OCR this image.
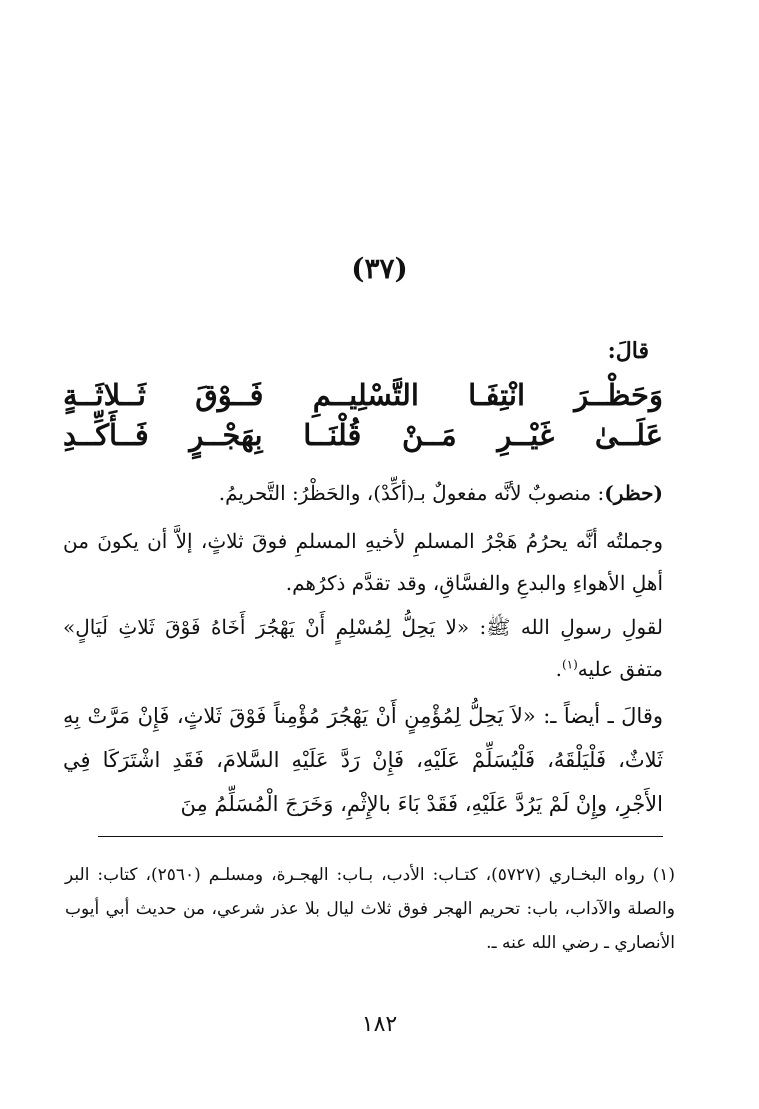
(٣٧)
قالَ:
وَحَظْــرَ انْتِفَـا التَّسْلِيــمِ فَــوْقَ ثَــلاثَــةٍ
عَلَــىٰ غَيْــرِ مَــنْ قُلْنَــا بِهَجْــرٍ فَــأَكِّــدِ

(حظر): منصوبٌ لأنَّه مفعولٌ بـ(أكِّدْ)، والحَظْرُ: التَّحريمُ.

وجملتُه أنَّه يحرُمُ هَجْرُ المسلمِ لأخيهِ المسلمِ فوقَ ثلاثٍ، إلاَّ أن يكونَ من أهلِ الأهواءِ والبدعِ والفسَّاقِ، وقد تقدَّم ذكرُهم.

لقولِ رسولِ الله ﷺ: «لا يَحِلُّ لِمُسْلِمٍ أَنْ يَهْجُرَ أَخَاهُ فَوْقَ ثَلاثِ لَيَالٍ» متفق عليه$^{(١)}$.

وقالَ ـ أيضاً ـ: «لاَ يَحِلُّ لِمُؤْمِنٍ أَنْ يَهْجُرَ مُؤْمِناً فَوْقَ ثَلاثٍ، فَإِنْ مَرَّتْ بِهِ ثَلاثٌ، فَلْيَلْقَهُ، فَلْيُسَلِّمْ عَلَيْهِ، فَإِنْ رَدَّ عَلَيْهِ السَّلامَ، فَقَدِ اشْتَرَكَا فِي الأَجْرِ، وإِنْ لَمْ يَرُدَّ عَلَيْهِ، فَقَدْ بَاءَ بالإِثْمِ، وَخَرَجَ الْمُسَلِّمُ مِنَ

(١) رواه البخـاري (٥٧٢٧)، كتـاب: الأدب، بـاب: الهجـرة، ومسلـم (٢٥٦٠)، كتاب: البر والصلة والآداب، باب: تحريم الهجر فوق ثلاث ليال بلا عذر شرعي، من حديث أبي أيوب الأنصاري ـ رضي الله عنه ـ.
١٨٢
